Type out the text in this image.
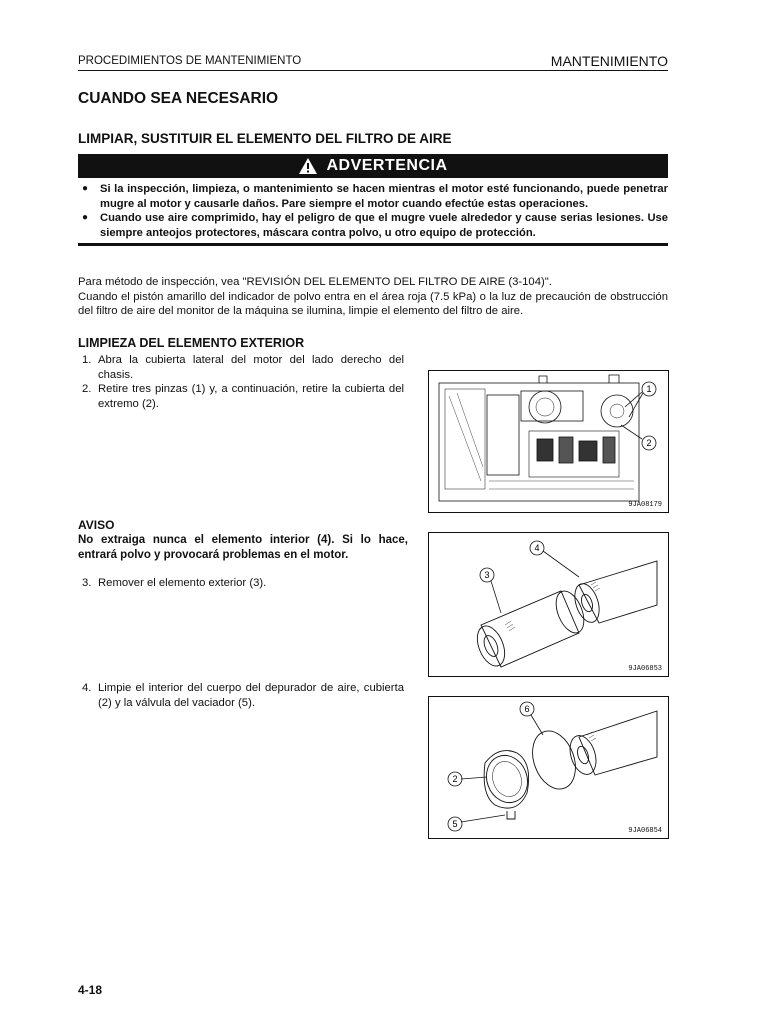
PROCEDIMIENTOS DE MANTENIMIENTO	MANTENIMIENTO
CUANDO SEA NECESARIO
LIMPIAR, SUSTITUIR EL ELEMENTO DEL FILTRO DE AIRE
ADVERTENCIA
● Si la inspección, limpieza, o mantenimiento se hacen mientras el motor esté funcionando, puede penetrar mugre al motor y causarle daños. Pare siempre el motor cuando efectúe estas operaciones.
● Cuando use aire comprimido, hay el peligro de que el mugre vuele alrededor y cause serias lesiones. Use siempre anteojos protectores, máscara contra polvo, u otro equipo de protección.

Para método de inspección, vea "REVISIÓN DEL ELEMENTO DEL FILTRO DE AIRE (3-104)".

Cuando el pistón amarillo del indicador de polvo entra en el área roja (7.5 kPa) o la luz de precaución de obstrucción del filtro de aire del monitor de la máquina se ilumina, limpie el elemento del filtro de aire.

LIMPIEZA DEL ELEMENTO EXTERIOR
1. Abra la cubierta lateral del motor del lado derecho del chasis.
2. Retire tres pinzas (1) y, a continuación, retire la cubierta del extremo (2).
AVISO
No extraiga nunca el elemento interior (4). Si lo hace, entrará polvo y provocará problemas en el motor.
3. Remover el elemento exterior (3).
4. Limpie el interior del cuerpo del depurador de aire, cubierta (2) y la válvula del vaciador (5).
1
2
9JA08179
4
3
9JA06853
6
2
5
9JA06854
4-18
